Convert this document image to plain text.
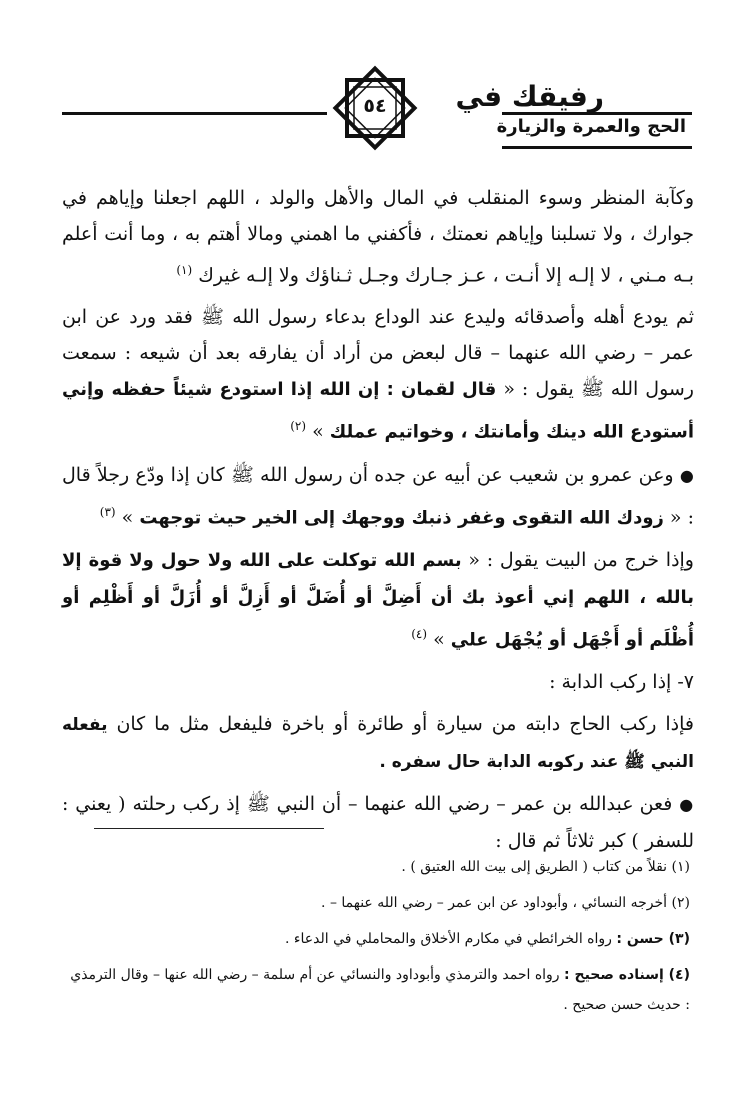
رفيقك في
الحج والعمرة والزيارة
٥٤

وكآبة المنظر وسوء المنقلب في المال والأهل والولد ، اللهم اجعلنا وإياهم في جوارك ، ولا تسلبنا وإياهم نعمتك ، فأكفني ما اهمني ومالا أهتم به ، وما أنت أعلم بـه مـني ، لا إلـه إلا أنـت ، عـز جـارك وجـل ثـناؤك ولا إلـه غيرك $^{(١)}$

ثم يودع أهله وأصدقائه وليدع عند الوداع بدعاء رسول الله ﷺ فقد ورد عن ابن عمر – رضي الله عنهما – قال لبعض من أراد أن يفارقه بعد أن شيعه : سمعت رسول الله ﷺ يقول : « قال لقمان : إن الله إذا استودع شيئاً حفظه وإني أستودع الله دينك وأمانتك ، وخواتيم عملك » $^{(٢)}$

● وعن عمرو بن شعيب عن أبيه عن جده أن رسول الله ﷺ كان إذا ودّع رجلاً قال : « زودك الله التقوى وغفر ذنبك ووجهك إلى الخير حيث توجهت » $^{(٣)}$

وإذا خرج من البيت يقول : « بسم الله توكلت على الله ولا حول ولا قوة إلا بالله ، اللهم إني أعوذ بك أن أَضِلَّ أو أُضَلَّ أو أَزِلَّ أو أُزَلَّ أو أَظْلِم أو أُظْلَم أو أَجْهَل أو يُجْهَل علي » $^{(٤)}$

٧- إذا ركب الدابة :

فإذا ركب الحاج دابته من سيارة أو طائرة أو باخرة فليفعل مثل ما كان يفعله النبي ﷺ عند ركوبه الدابة حال سفره .

● فعن عبدالله بن عمر – رضي الله عنهما – أن النبي ﷺ إذ ركب رحلته ( يعني : للسفر ) كبر ثلاثاً ثم قال :

(١) نقلاً من كتاب ( الطريق إلى بيت الله العتيق ) .

(٢) أخرجه النسائي ، وأبوداود عن ابن عمر – رضي الله عنهما – .

(٣) حسن : رواه الخرائطي في مكارم الأخلاق والمحاملي في الدعاء .

(٤) إسناده صحيح : رواه احمد والترمذي وأبوداود والنسائي عن أم سلمة – رضي الله عنها – وقال الترمذي : حديث حسن صحيح .
